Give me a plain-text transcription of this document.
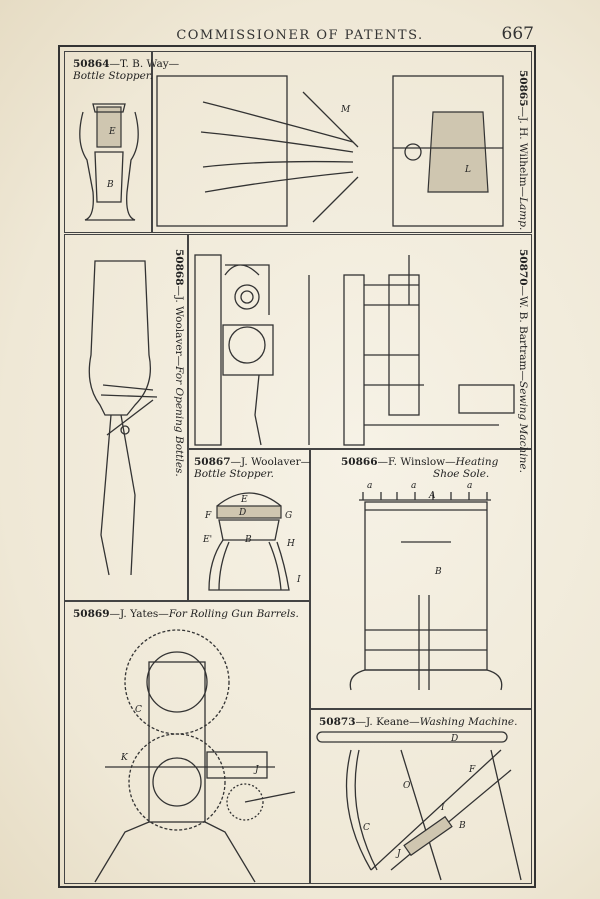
COMMISSIONER OF PATENTS.	667
50864—T. B. Way—
Bottle Stopper.
E
B
L
M
50865—J. H. Wilhelm—Lamp.
50868—J. Woolaver—For Opening Bottles.
50870—W. B. Bartram—Sewing Machine.
50867—J. Woolaver—
Bottle Stopper.
E
D
F	G
E'	B	H
I
50866—F. Winslow—Heating
Shoe Sole.
a	a
A
a
B
50869—J. Yates—For Rolling Gun Barrels.
C
K
J
50873—J. Keane—Washing Machine.
D
F
O
C
I
B
J
